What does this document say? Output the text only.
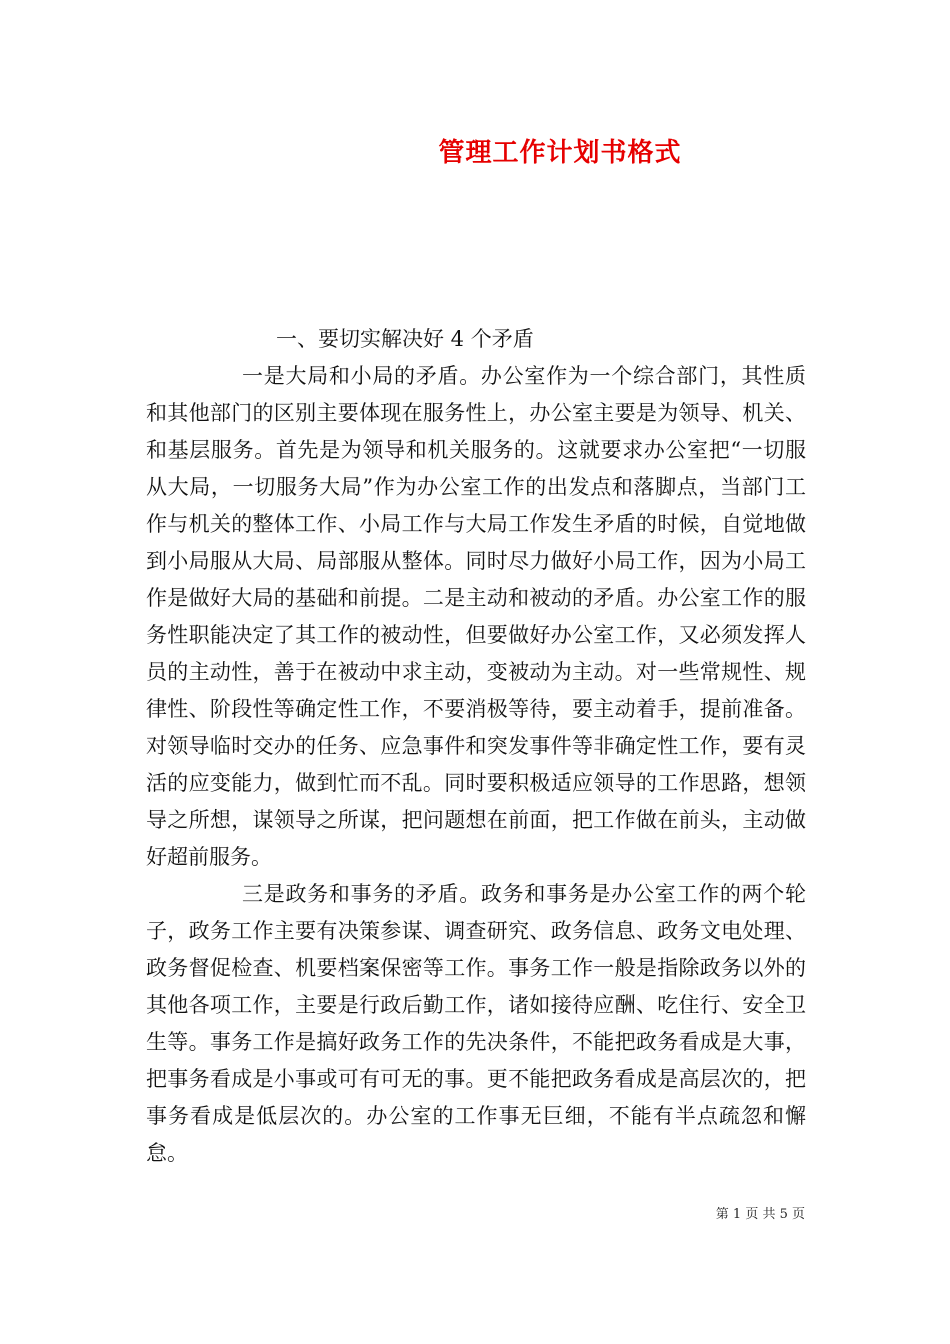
管理工作计划书格式

一、要切实解决好 4 个矛盾

一是大局和小局的矛盾。办公室作为一个综合部门，其性质和其他部门的区别主要体现在服务性上，办公室主要是为领导、机关、和基层服务。首先是为领导和机关服务的。这就要求办公室把“一切服从大局，一切服务大局”作为办公室工作的出发点和落脚点，当部门工作与机关的整体工作、小局工作与大局工作发生矛盾的时候，自觉地做到小局服从大局、局部服从整体。同时尽力做好小局工作，因为小局工作是做好大局的基础和前提。二是主动和被动的矛盾。办公室工作的服务性职能决定了其工作的被动性，但要做好办公室工作，又必须发挥人员的主动性，善于在被动中求主动，变被动为主动。对一些常规性、规律性、阶段性等确定性工作，不要消极等待，要主动着手，提前准备。对领导临时交办的任务、应急事件和突发事件等非确定性工作，要有灵活的应变能力，做到忙而不乱。同时要积极适应领导的工作思路，想领导之所想，谋领导之所谋，把问题想在前面，把工作做在前头，主动做好超前服务。

三是政务和事务的矛盾。政务和事务是办公室工作的两个轮子，政务工作主要有决策参谋、调查研究、政务信息、政务文电处理、政务督促检查、机要档案保密等工作。事务工作一般是指除政务以外的其他各项工作，主要是行政后勤工作，诸如接待应酬、吃住行、安全卫生等。事务工作是搞好政务工作的先决条件，不能把政务看成是大事，把事务看成是小事或可有可无的事。更不能把政务看成是高层次的，把事务看成是低层次的。办公室的工作事无巨细，不能有半点疏忽和懈怠。

第 1 页 共 5 页
